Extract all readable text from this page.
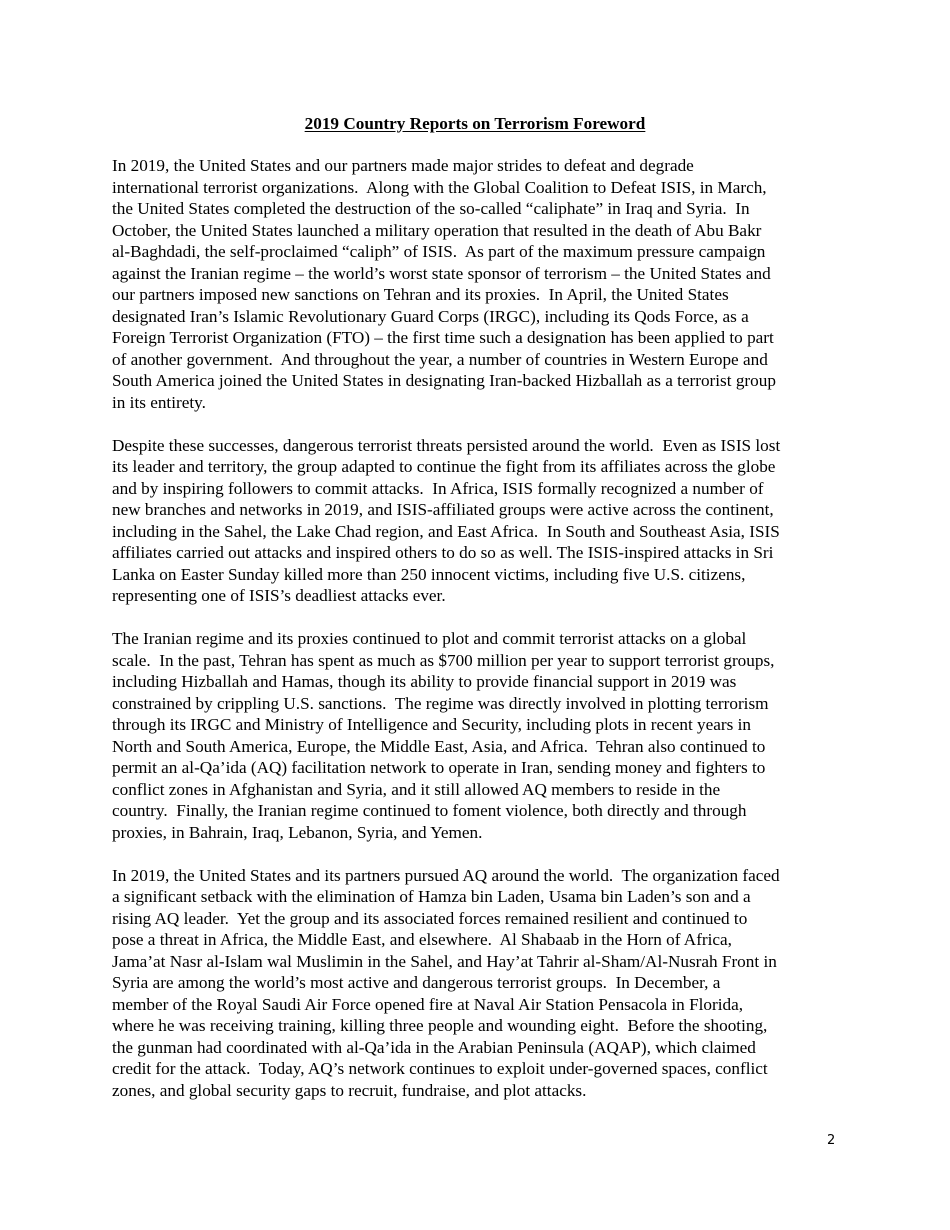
2019 Country Reports on Terrorism Foreword

In 2019, the United States and our partners made major strides to defeat and degrade
international terrorist organizations.  Along with the Global Coalition to Defeat ISIS, in March,
the United States completed the destruction of the so-called “caliphate” in Iraq and Syria.  In
October, the United States launched a military operation that resulted in the death of Abu Bakr
al-Baghdadi, the self-proclaimed “caliph” of ISIS.  As part of the maximum pressure campaign
against the Iranian regime – the world’s worst state sponsor of terrorism – the United States and
our partners imposed new sanctions on Tehran and its proxies.  In April, the United States
designated Iran’s Islamic Revolutionary Guard Corps (IRGC), including its Qods Force, as a
Foreign Terrorist Organization (FTO) – the first time such a designation has been applied to part
of another government.  And throughout the year, a number of countries in Western Europe and
South America joined the United States in designating Iran-backed Hizballah as a terrorist group
in its entirety.

Despite these successes, dangerous terrorist threats persisted around the world.  Even as ISIS lost
its leader and territory, the group adapted to continue the fight from its affiliates across the globe
and by inspiring followers to commit attacks.  In Africa, ISIS formally recognized a number of
new branches and networks in 2019, and ISIS-affiliated groups were active across the continent,
including in the Sahel, the Lake Chad region, and East Africa.  In South and Southeast Asia, ISIS
affiliates carried out attacks and inspired others to do so as well. The ISIS-inspired attacks in Sri
Lanka on Easter Sunday killed more than 250 innocent victims, including five U.S. citizens,
representing one of ISIS’s deadliest attacks ever.

The Iranian regime and its proxies continued to plot and commit terrorist attacks on a global
scale.  In the past, Tehran has spent as much as $700 million per year to support terrorist groups,
including Hizballah and Hamas, though its ability to provide financial support in 2019 was
constrained by crippling U.S. sanctions.  The regime was directly involved in plotting terrorism
through its IRGC and Ministry of Intelligence and Security, including plots in recent years in
North and South America, Europe, the Middle East, Asia, and Africa.  Tehran also continued to
permit an al-Qa’ida (AQ) facilitation network to operate in Iran, sending money and fighters to
conflict zones in Afghanistan and Syria, and it still allowed AQ members to reside in the
country.  Finally, the Iranian regime continued to foment violence, both directly and through
proxies, in Bahrain, Iraq, Lebanon, Syria, and Yemen.

In 2019, the United States and its partners pursued AQ around the world.  The organization faced
a significant setback with the elimination of Hamza bin Laden, Usama bin Laden’s son and a
rising AQ leader.  Yet the group and its associated forces remained resilient and continued to
pose a threat in Africa, the Middle East, and elsewhere.  Al Shabaab in the Horn of Africa,
Jama’at Nasr al-Islam wal Muslimin in the Sahel, and Hay’at Tahrir al-Sham/Al-Nusrah Front in
Syria are among the world’s most active and dangerous terrorist groups.  In December, a
member of the Royal Saudi Air Force opened fire at Naval Air Station Pensacola in Florida,
where he was receiving training, killing three people and wounding eight.  Before the shooting,
the gunman had coordinated with al-Qa’ida in the Arabian Peninsula (AQAP), which claimed
credit for the attack.  Today, AQ’s network continues to exploit under-governed spaces, conflict
zones, and global security gaps to recruit, fundraise, and plot attacks.

2
